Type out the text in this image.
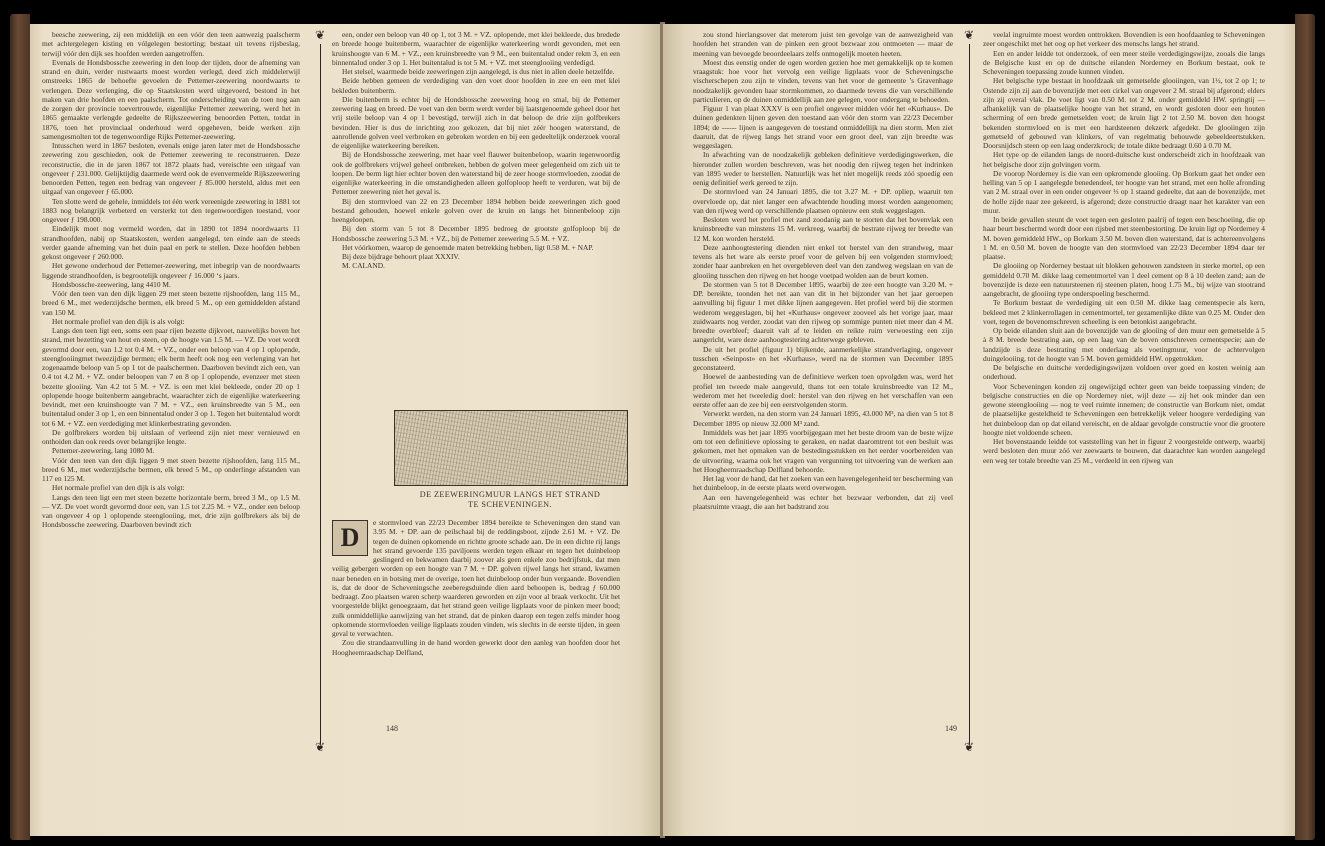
beesche zeewering, zij een middelijk en een vóór den teen aanwezig paalscherm met achtergelegen kisting en vólgelegen bestorting; bestaat uit tevens rijsbeslag, terwijl vóór den dijk ses hoofden werden aangetroffen.

Evenals de Hondsbossche zeewering in den loop der tijden, door de afneming van strand en duin, verder rustwaarts moest worden verlegd, deed zich middelerwijl omstreeks 1865 de behoefte gevoelen de Pettemer-zeewering noordwaarts te verlengen. Deze verlenging, die op Staatskosten werd uitgevoerd, bestond in het maken van drie hoofden en een paalscherm. Tot onderscheiding van de toen nog aan de zorgen der provincie toevertrouwde, eigenlijke Pettemer zeewering, werd het in 1865 gemaakte verlengde gedeelte de Rijkszeewering benoorden Petten, totdat in 1876, toen het provinciaal onderhoud werd opgeheven, beide werken zijn samengesmolten tot de tegenwoordige Rijks Pettemer-zeewering.

Intusschen werd in 1867 besloten, evenals enige jaren later met de Hondsbossche zeewering zou geschieden, ook de Pettemer zeewering te reconstrueren. Deze reconstructie, die in de jaren 1867 tot 1872 plaats had, vereischte een uitgaaf van ongeveer ƒ 231.000. Gelijktijdig daarmede werd ook de evenvermelde Rijkszeewering benoorden Petten, tegen een bedrag van ongeveer ƒ 85.000 hersteld, aldus met een uitgaaf van ongeveer ƒ 65.000.

Ten slotte werd de gehele, inmiddels tot één werk vereenigde zeewering in 1881 tot 1883 nog belangrijk verbeterd en versterkt tot den tegenwoordigen toestand, voor ongeveer ƒ 198.000.

Eindelijk moet nog vermeld worden, dat in 1890 tot 1894 noordwaarts 11 strandhoofden, nabij op Staatskosten, werden aangelegd, ten einde aan de steeds verder gaande afneming van het duin paal en perk te stellen. Deze hoofden hebben gekost ongeveer ƒ 260.000.

Het gewone onderhoud der Pettemer-zeewering, met inbegrip van de noordwaarts liggende strandhoofden, is begrootelijk ongeveer ƒ 16.000 ‘s jaars.

Hondsbossche-zeewering, lang 4410 M.

Vóór den teen van den dijk liggen 29 met steen bezette rijshoofden, lang 115 M., breed 6 M., met wederzijdsche bermen, elk breed 5 M., op een gemiddelden afstand van 150 M.

Het normale profiel van den dijk is als volgt:

Langs den teen ligt een, soms een paar rijen bezette dijkvoet, nauwelijks boven het strand, met bezetting van hout en steen, op de hoogte van 1.5 M. — VZ. De voet wordt gevormd door een, van 1.2 tot 0.4 M. + VZ., onder een beloop van 4 op 1 oplopende, steenglooiingmet tweezijdige bermen; elk berm heeft ook nog een verlenging van het zogenaamde beloop van 5 op 1 tot de paalschermen. Daarboven bevindt zich een, van 0.4 tot 4.2 M. + VZ. onder beloopen van 7 en 8 op 1 oplopende, evenzeer met steen bezette glooiing. Van 4.2 tot 5 M. + VZ. is een met klei bekleede, onder 20 op 1 oplopende hooge buitenberm aangebracht, waarachter zich de eigenlijke waterkeering bevindt, met een kruinshoogte van 7 M. + VZ., een kruinsbreedte van 5 M., een buitentalud onder 3 op 1, en een binnentalud onder 3 op 1. Tegen het buitentalud wordt tot 6 M. + VZ. een verdediging met klinkerbestrating gevonden.

De golfbrekers worden bij uitslaan of verleend zijn niet meer vernieuwd en onthoiden dan ook reeds over belangrijke lengte.

Pettemer-zeewering, lang 1080 M.

Vóór den teen van den dijk liggen 9 met steen bezette rijshoofden, lang 115 M., breed 6 M., met wederzijdsche bermen, elk breed 5 M., op onderlinge afstanden van 117 en 125 M.

Het normale profiel van den dijk is als volgt:

Langs den teen ligt een met steen bezette horizontale berm, breed 3 M., op 1.5 M. — VZ. De voet wordt gevormd door een, van 1.5 tot 2.25 M. + VZ., onder een beloop van ongeveer 4 op 1 oplopende steenglooiing, met, drie zijn golfbrekers als bij de Hondsbossche zeewering. Daarboven bevindt zich

❦
❦

een, onder een beloop van 40 op 1, tot 3 M. + VZ. oplopende, met klei bekleede, dus bredede en breede hooge buitenberm, waarachter de eigenlijke waterkeering wordt gevonden, met een kruinshoogte van 6 M. + VZ., een kruinsbreedte van 9 M., een buitentalud onder rekm 3, en een binnentalud onder 3 op 1. Het buitentalud is tot 5 M. + VZ. met steenglooiing verdedigd.

Het stelsel, waarmede beide zeeweringen zijn aangelegd, is dus niet in allen deele hetzelfde.

Beide hebben gemeen de verdediging van den voet door hoofden in zee en een met klei bekleden buitenberm.

Die buitenberm is echter bij de Hondsbossche zeewering hoog en smal, bij de Pettemer zeewering laag en breed. De voet van den berm werdt verder bij laatstgenoemde geheel door het vrij steile beloop van 4 op 1 bevestigd, terwijl zich in dat beloop de drie zijn golfbrekers bevinden. Hier is dus de inrichting zoo gekozen, dat bij niet zéér hoogen waterstand, de aanrollende golven veel verbroken en gebroken worden en bij een gedeeltelijk onderzoek vooral de eigenlijke waterkeering bereiken.

Bij de Hondsbossche zeewering, met haar veel flauwer buitenbeloop, waarin tegenwoordig ook de golfbrekers vrijwel geheel ontbreken, hebben de golven meer gelegenheid om zich uit te loopen. De berm ligt hier echter boven den waterstand bij de zeer hooge stormvloeden, zoodat de eigenlijke waterkeering in die omstandigheden alleen golfoploop heeft te verduren, wat bij de Pettemer zeewering niet het geval is.

Bij den stormvloed van 22 en 23 December 1894 hebben beide zeeweringen zich goed bestand gehouden, hoewel enkele golven over de kruin en langs het binnenbeloop zijn heengeloopen.

Bij den storm van 5 tot 8 December 1895 bedroeg de grootste golfoploop bij de Hondsbossche zeewering 5.3 M. + VZ., bij de Pettemer zeewering 5.5 M. + VZ.

Het vóórkomen, waarop de genoemde maten betrekking hebben, ligt 0.58 M. + NAP.

Bij deze bijdrage behoort plaat XXXIV.

M. CALAND.

DE ZEEWERINGMUUR LANGS HET STRAND
TE SCHEVENINGEN.

D
e stormvloed van 22/23 December 1894 bereikte te Scheveningen den stand van 3.95 M. + DP. aan de peilschaal bij de reddingsboot, zijnde 2.61 M. + VZ. De tegen de duinen opkomende en richtte groote schade aan. De in een dichte rij langs het strand gevoerde 135 paviljoens werden tegen elkaar en tegen het duinbeloop geslingerd en bekwamen daarbij zoover als geen enkele zoo bedrijfstuk, dat men veilig gebergen worden op een hoogte van 7 M. + DP. golven rijwel langs het strand, kwamen naar beneden en in botsing met de overige, toen het duinbeloop onder hun vergaande. Bovendien is, dat de door de Scheveningsche zeeberegsduinde dien aard behoopen is, bedrag ƒ 60.000 bedraagt. Zoo plaatsen waren scherp waarderen geworden en zijn voor al braak verkocht. Uit het voorgestelde blijkt genoegzaam, dat het strand geen veilige ligplaats voor de pinken meer bood; zulk onmiddellijke aanwijzing van het strand, dat de pinken daarop een tegen zelfs minder hoog opkomende stormvloeden veilige ligplaats zouden vinden, wis slechts in de eerste tijden, in geen geval te verwachten.

Zou die strandaanvulling in de hand worden gewerkt door den aanleg van hoofden door het Hoogheemraadschap Delfland,

148

zou stond hierlangsover dat meterom juist ten gevolge van de aanwezigheid van hoofden het stranden van de pinken een groot bezwaar zou ontmoeten — maar de meening van bevoegde beoordeelaars zelfs onmogelijk moeten heeten.

Moest dus eenstig onder de ogen worden gezien hoe met gemakkelijk op te komen vraagstuk: hoe voor het vervolg een veilige ligplaats voor de Scheveningsche vischerschepen zou zijn te vinden, tevens van het voor de gemeente ’s Gravenhage noodzakelijk gevonden haar stormkommen, zo daarmede tevens die van verschillende particulieren, op de duinen onmiddellijk aan zee gelegen, voor ondergang te behoeden.

Figuur 1 van plaat XXXV is een profiel ongeveer midden vóór het «Kurhaus». De duinen gedenkten lijnen geven den toestand aan vóór den storm van 22/23 December 1894; de ------ lijnen is aangegeven de toestand onmiddellijk na dien storm. Men ziet daaruit, dat de rijweg langs het strand voor een groot deel, van zijn breedte was weggeslagen.

In afwachting van de noodzakelijk gebleken definitieve verdedigingswerken, die hieronder zullen worden beschreven, was het noodig den rijweg tegen het indrinken van 1895 weder te herstellen. Natuurlijk was het niet mogelijk reeds zóó spoedig een eenig definitief werk gereed te zijn.

De stormvloed van 24 Januari 1895, die tot 3.27 M. + DP. opliep, waaruit ten overvloede op, dat niet langer een afwachtende houding moest worden aangenomen; van den rijweg werd op verschillende plaatsen opnieuw een stuk weggeslagen.

Besloten werd het profiel met zand zoodanig aan te storten dat het bovenvlak een kruinsbreedte van minstens 15 M. verkreeg, waarbij de bestrate rijweg ter breedte van 12 M. kon worden hersteld.

Deze aanhoogtestering dienden niet enkel tot herstel van den strandweg, maar tevens als het ware als eerste proef voor de gelven bij een volgenden stormvloed; zonder haar aanbreken en het overgebleven deel van den zandweg wegslaan en van de glooiing tusschen den rijweg en het hooge voetpad wolden aan de beurt komen.

De stormen van 5 tot 8 December 1895, waarbij de zee een hoogte van 3.20 M. + DP. bereikte, toonden het net aan van dit in het bijzonder van het jaar geroepen aanvulling bij figuur 1 met dikke lijnen aangegeven. Het profiel werd bij die stormen wederom weggeslagen, bij het «Kurhaus» ongeveer zooveel als het vorige jaar, maar zuidwaarts nog verder, zoodat van den rijweg op sommige punten niet meer dan 4 M. breedte overbleef; daaruit valt af te leiden en reikte ruim verwoesting een zijn aangericht, ware deze aanhoogtestering achterwege gebleven.

De uit het profiel (figuur 1) blijkende, aanmerkelijke strandverlaging, ongeveer tusschen «Seinpost» en het «Kurhaus», werd na de stormen van December 1895 geconstateerd.

Hoewel de aanbesteding van de definitieve werken toen opvolgden was, werd het profiel ten tweede male aangevuld, thans tot een totale kruinsbreedte van 12 M., wederom met het tweeledig doel: herstel van den rijweg en het verschaffen van een eerste offer aan de zee bij een eerstvolgenden storm.

Verwerkt werden, na den storm van 24 Januari 1895, 43.000 M³, na dien van 5 tot 8 December 1895 op nieuw 32.000 M³ zand.

Inmiddels was het jaar 1895 voorbijgegaan met het beste droom van de beste wijze om tot een definitieve oplossing te geraken, en nadat daaromtrent tot een besluit was gekomen, met het opmaken van de bestedingsstukken en het eerder voorbereiden van de uitvoering, waarna ook het vragen van vergunning tot uitvoering van de werken aan het Hoogheemraadschap Delfland behoorde.

Het lag voor de hand, dat het zoeken van een havengelegenheid ter bescherming van het duinbeloop, in de eerste plaats werd overwogen.

Aan een havengelegenheid was echter het bezwaar verbonden, dat zij veel plaatsruimte vraagt, die aan het badstrand zou

❦
❦

veelal ingruimte moest worden onttrokken. Bovendien is een hoofdaanleg te Scheveningen zeer ongeschikt met het oog op het verkeer des menschs langs het strand.

Een en ander leidde tot onderzoek, of een meer steile verdedigingswijze, zooals die langs de Belgische kust en op de duitsche eilanden Norderney en Borkum bestaat, ook te Scheveningen toepassing zoude kunnen vinden.

Het belgische type bestaat in hoofdzaak uit gemetselde glooiingen, van 1½, tot 2 op 1; te Ostende zijn zij aan de bovenzijde met een cirkel van ongeveer 2 M. straal bij afgerond; elders zijn zij overal vlak. De voet ligt van 0.50 M. tot 2 M. onder gemiddeld HW. springtij — afhankelijk van de plaatselijke hoogte van het strand, en wordt gesloten door een houten scherming of een brede gemetselden voet; de kruin ligt 2 tot 2.50 M. boven den hoogst bekenden stormvloed en is met een hardsteenen dekzerk afgedekt. De glooiingen zijn gemetseld of gebouwd van klinkers, of van regelmatig behouwde gebeeldeertstukken. Doorsnijdsch steen op een laag onderzkrock; de totale dikte bedraagt 0.60 à 0.70 M.

Het type op de eilanden langs de noord-duitsche kust onderscheidt zich in hoofdzaak van het belgische door zijn golvingen vorm.

De voorop Norderney is die van een opkromende glooiing. Op Borkum gaat het onder een helling van 5 op 1 aangelegde benedendeel, ter hoogte van het strand, met een holle afronding van 2 M. straal over in een onder ongeveer ⅓ op 1 staand gedeelte, dat aan de bovenzijde, met de holle zijde naar zee gekeerd, is afgerond; deze constructie draagt naar het karakter van een muur.

In beide gevallen steunt de voet tegen een gesloten paalrij of tegen een beschoeiing, die op haar beurt beschermd wordt door een rijsbed met steenbestorting. De kruin ligt op Norderney 4 M. boven gemiddeld HW., op Borkum 3.50 M. boven dien waterstand, dat is achtereenvolgens 1 M. en 0.50 M. boven de hoogte van den stormvloed van 22/23 December 1894 daar ter plaatse.

De glooiing op Norderney bestaat uit blokken gehouwen zandsteen in sterke mortel, op een gemiddeld 0.70 M. dikke laag cementmortel van 1 deel cement op 8 à 10 deelen zand; aan de bovenzijde is deze een natuursteenen rij steenen platen, hoog 1.75 M., bij wijze van stootrand aangebracht, de glooiing type onderspoeling beschermd.

Te Borkum bestaat de verdediging uit een 0.50 M. dikke laag cementspecie als kern, bekleed met 2 klinkerrollagen in cementmortel, ter gezamenlijke dikte van 0.25 M. Onder den voet, tegen de bovenomschreven scheeling is een betonkist aangebracht.

Op beide eilanden sluit aan de bovenzijde van de glooiing of den muur een gemetselde à 5 à 8 M. breede bestrating aan, op een laag van de boven omschreven cementspecie; aan de landzijde is deze bestrating met onderlaag als voetingmuur, voor de achtervolgen duingelooiing, tot de hoogte van 5 M. boven gemiddeld HW. opgetrokken.

De belgische en duitsche verdedigingswijzen voldoen over goed en kosten weinig aan onderhoud.

Voor Scheveningen konden zij ongewijzigd echter geen van beide toepassing vinden; de belgische constructies en die op Norderney niet, wijl deze — zij het ook minder dan een gewone steenglooiing — nog te veel ruimte innemen; de constructie van Borkum niet, omdat de plaatselijke gesteldheid te Scheveningen een betrekkelijk veleer hoogere verdediging van het duinbeloop dan op dat eiland vereischt, en de aldaar gevolgde constructie voor die grootere hoogte niet voldoende scheen.

Het bovenstaande leidde tot vaststelling van het in figuur 2 voorgestelde ontwerp, waarbij werd besloten den muur zóó ver zeewaarts te bouwen, dat daarachter kan worden aangelegd een weg ter totale breedte van 25 M., verdeeld in een rijweg van

149
